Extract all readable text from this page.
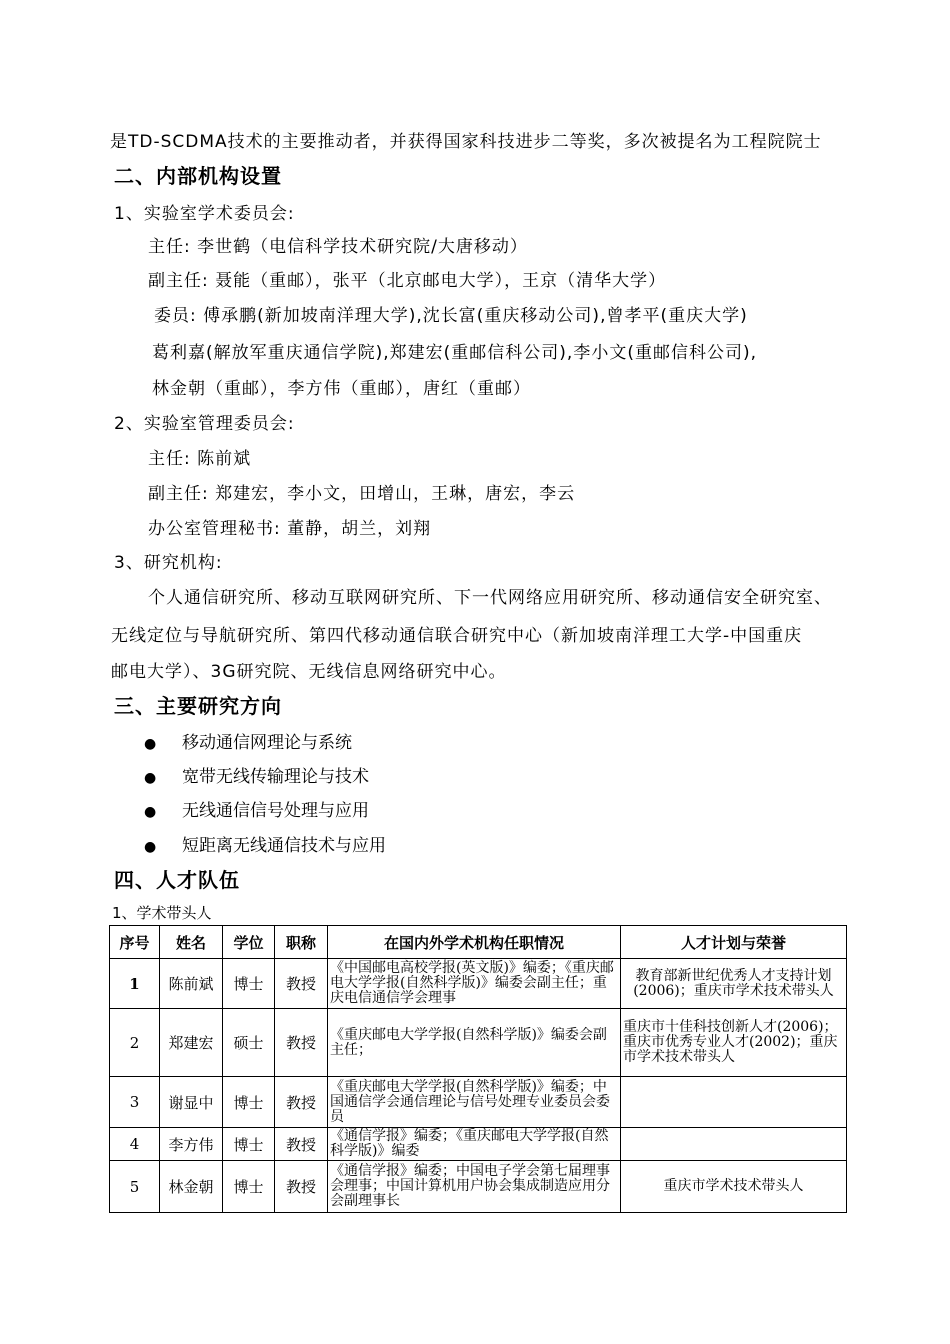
是TD-SCDMA技术的主要推动者，并获得国家科技进步二等奖，多次被提名为工程院院士
二、内部机构设置
1、实验室学术委员会:
主任: 李世鹤（电信科学技术研究院/大唐移动）
副主任: 聂能（重邮），张平（北京邮电大学），王京（清华大学）
委员: 傅承鹏(新加坡南洋理大学),沈长富(重庆移动公司),曾孝平(重庆大学)
葛利嘉(解放军重庆通信学院),郑建宏(重邮信科公司),李小文(重邮信科公司),
林金朝（重邮），李方伟（重邮），唐红（重邮）
2、实验室管理委员会:
主任: 陈前斌
副主任: 郑建宏，李小文，田增山，王琳，唐宏，李云
办公室管理秘书: 董静，胡兰，刘翔
3、研究机构:
个人通信研究所、移动互联网研究所、下一代网络应用研究所、移动通信安全研究室、
无线定位与导航研究所、第四代移动通信联合研究中心（新加坡南洋理工大学-中国重庆
邮电大学）、3G研究院、无线信息网络研究中心。
三、主要研究方向
● 移动通信网理论与系统
● 宽带无线传输理论与技术
● 无线通信信号处理与应用
● 短距离无线通信技术与应用
四、人才队伍
1、学术带头人
序号	姓名	学位	职称	在国内外学术机构任职情况	人才计划与荣誉
1	陈前斌	博士	教授	《中国邮电高校学报(英文版)》编委；《重庆邮电大学学报(自然科学版)》编委会副主任；重庆电信通信学会理事	教育部新世纪优秀人才支持计划(2006)；重庆市学术技术带头人
2	郑建宏	硕士	教授	《重庆邮电大学学报(自然科学版)》编委会副主任；	重庆市十佳科技创新人才(2006)；重庆市优秀专业人才(2002)；重庆市学术技术带头人
3	谢显中	博士	教授	《重庆邮电大学学报(自然科学版)》编委；中国通信学会通信理论与信号处理专业委员会委员	
4	李方伟	博士	教授	《通信学报》编委；《重庆邮电大学学报(自然科学版)》编委	
5	林金朝	博士	教授	《通信学报》编委；中国电子学会第七届理事会理事；中国计算机用户协会集成制造应用分会副理事长	重庆市学术技术带头人
